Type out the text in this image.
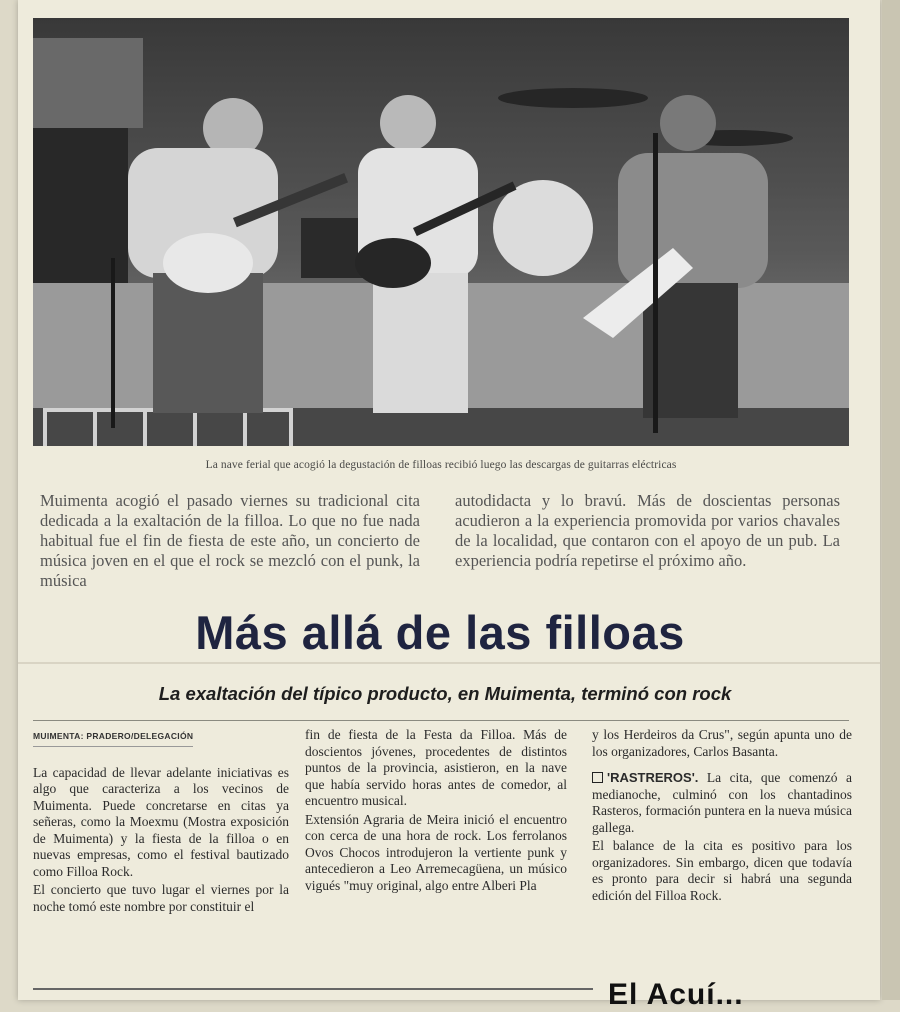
La nave ferial que acogió la degustación de filloas recibió luego las descargas de guitarras eléctricas

Muimenta acogió el pasado viernes su tradicional cita dedicada a la exaltación de la filloa. Lo que no fue nada habitual fue el fin de fiesta de este año, un concierto de música joven en el que el rock se mezcló con el punk, la música

autodidacta y lo bravú. Más de doscientas personas acudieron a la experiencia promovida por varios chavales de la localidad, que contaron con el apoyo de un pub. La experiencia podría repetirse el próximo año.

Más allá de las filloas
La exaltación del típico producto, en Muimenta, terminó con rock

MUIMENTA: PRADERO/DELEGACIÓN

La capacidad de llevar adelante iniciativas es algo que caracteriza a los vecinos de Muimenta. Puede concretarse en citas ya señeras, como la Moexmu (Mostra exposición de Muimenta) y la fiesta de la filloa o en nuevas empresas, como el festival bautizado como Filloa Rock.

El concierto que tuvo lugar el viernes por la noche tomó este nombre por constituir el

fin de fiesta de la Festa da Filloa. Más de doscientos jóvenes, procedentes de distintos puntos de la provincia, asistieron, en la nave que había servido horas antes de comedor, al encuentro musical.

Extensión Agraria de Meira inició el encuentro con cerca de una hora de rock. Los ferrolanos Ovos Chocos introdujeron la vertiente punk y antecedieron a Leo Arremecagüena, un músico vigués "muy original, algo entre Alberi Pla

y los Herdeiros da Crus", según apunta uno de los organizadores, Carlos Basanta.

'RASTREROS'. La cita, que comenzó a medianoche, culminó con los chantadinos Rasteros, formación puntera en la nueva música gallega.

El balance de la cita es positivo para los organizadores. Sin embargo, dicen que todavía es pronto para decir si habrá una segunda edición del Filloa Rock.

El Acuí...
